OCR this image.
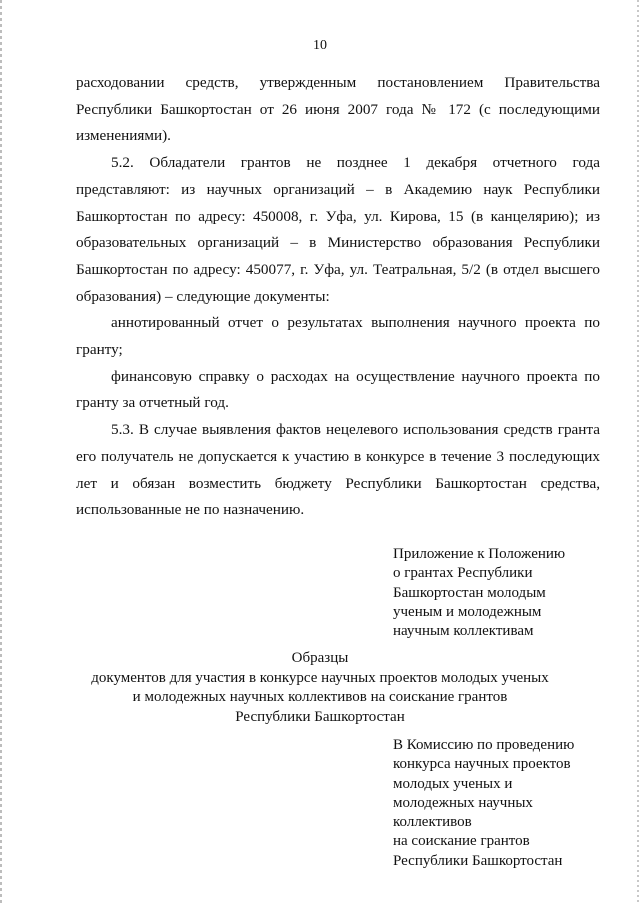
10

расходовании средств, утвержденным постановлением Правительства Республики Башкортостан от 26 июня 2007 года № 172 (с последующими изменениями).

5.2. Обладатели грантов не позднее 1 декабря отчетного года представляют: из научных организаций – в Академию наук Республики Башкортостан по адресу: 450008, г. Уфа, ул. Кирова, 15 (в канцелярию); из образовательных организаций – в Министерство образования Республики Башкортостан по адресу: 450077, г. Уфа, ул. Театральная, 5/2 (в отдел высшего образования) – следующие документы:

аннотированный отчет о результатах выполнения научного проекта по гранту;

финансовую справку о расходах на осуществление научного проекта по гранту за отчетный год.

5.3. В случае выявления фактов нецелевого использования средств гранта его получатель не допускается к участию в конкурсе в течение 3 последующих лет и обязан возместить бюджету Республики Башкортостан средства, использованные не по назначению.

Приложение к Положению
о грантах Республики
Башкортостан молодым
ученым и молодежным
научным коллективам
Образцы
документов для участия в конкурсе научных проектов молодых ученых
и молодежных научных коллективов на соискание грантов
Республики Башкортостан
В Комиссию по проведению
конкурса научных проектов
молодых ученых и
молодежных научных
коллективов
на соискание грантов
Республики Башкортостан
